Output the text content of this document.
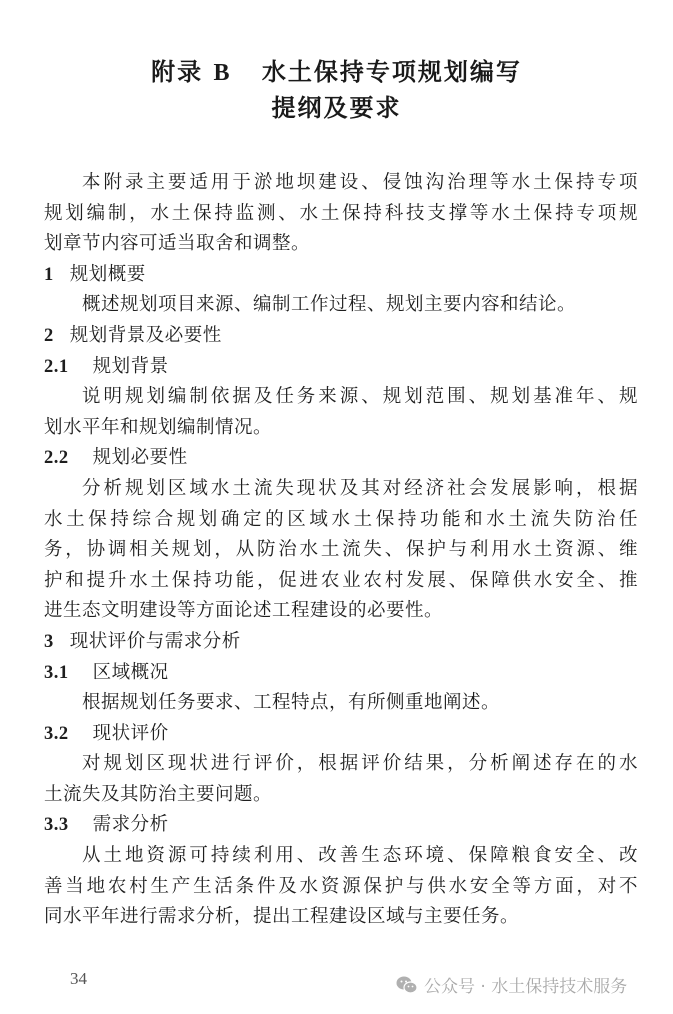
附录 B 水土保持专项规划编写
提纲及要求
本附录主要适用于淤地坝建设、侵蚀沟治理等水土保持专项
规划编制，水土保持监测、水土保持科技支撑等水土保持专项规
划章节内容可适当取舍和调整。
1 规划概要
概述规划项目来源、编制工作过程、规划主要内容和结论。
2 规划背景及必要性
2.1 规划背景
说明规划编制依据及任务来源、规划范围、规划基准年、规
划水平年和规划编制情况。
2.2 规划必要性
分析规划区域水土流失现状及其对经济社会发展影响，根据
水土保持综合规划确定的区域水土保持功能和水土流失防治任
务，协调相关规划，从防治水土流失、保护与利用水土资源、维
护和提升水土保持功能，促进农业农村发展、保障供水安全、推
进生态文明建设等方面论述工程建设的必要性。
3 现状评价与需求分析
3.1 区域概况
根据规划任务要求、工程特点，有所侧重地阐述。
3.2 现状评价
对规划区现状进行评价，根据评价结果，分析阐述存在的水
土流失及其防治主要问题。
3.3 需求分析
从土地资源可持续利用、改善生态环境、保障粮食安全、改
善当地农村生产生活条件及水资源保护与供水安全等方面，对不
同水平年进行需求分析，提出工程建设区域与主要任务。
34	公众号 · 水土保持技术服务
